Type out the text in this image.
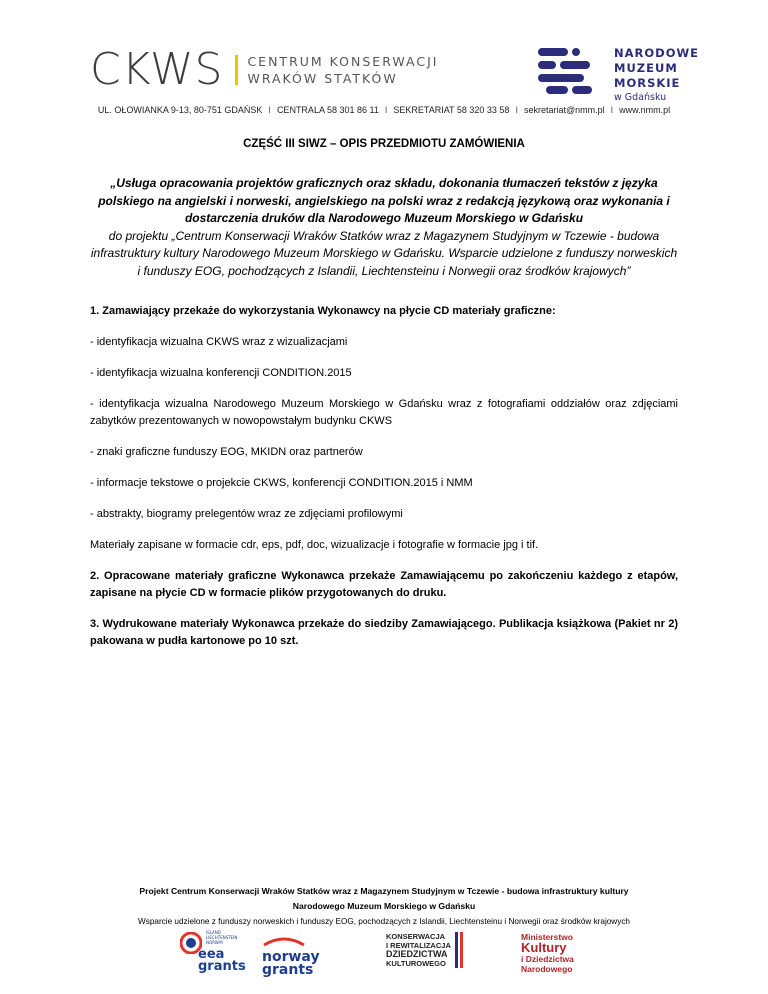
CKWS CENTRUM KONSERWACJI
WRAKÓW STATKÓW
NARODOWE
MUZEUM
MORSKIE
w Gdańsku
UL. OŁOWIANKA 9-13, 80-751 GDAŃSK I CENTRALA 58 301 86 11 I SEKRETARIAT 58 320 33 58 I sekretariat@nmm.pl I www.nmm.pl

CZĘŚĆ III SIWZ – OPIS PRZEDMIOTU ZAMÓWIENIA

„Usługa opracowania projektów graficznych oraz składu, dokonania tłumaczeń tekstów z języka polskiego na angielski i norweski, angielskiego na polski wraz z redakcją językową oraz wykonania i dostarczenia druków dla Narodowego Muzeum Morskiego w Gdańsku
do projektu „Centrum Konserwacji Wraków Statków wraz z Magazynem Studyjnym w Tczewie - budowa infrastruktury kultury Narodowego Muzeum Morskiego w Gdańsku. Wsparcie udzielone z funduszy norweskich i funduszy EOG, pochodzących z Islandii, Liechtensteinu i Norwegii oraz środków krajowych”

1. Zamawiający przekaże do wykorzystania Wykonawcy na płycie CD materiały graficzne:

- identyfikacja wizualna CKWS wraz z wizualizacjami

- identyfikacja wizualna konferencji CONDITION.2015

- identyfikacja wizualna Narodowego Muzeum Morskiego w Gdańsku wraz z fotografiami oddziałów oraz zdjęciami zabytków prezentowanych w nowopowstałym budynku CKWS

- znaki graficzne funduszy EOG, MKIDN oraz partnerów

- informacje tekstowe o projekcie CKWS, konferencji CONDITION.2015 i NMM

- abstrakty, biogramy prelegentów wraz ze zdjęciami profilowymi

Materiały zapisane w formacie cdr, eps, pdf, doc, wizualizacje i fotografie w formacie jpg i tif.

2. Opracowane materiały graficzne Wykonawca przekaże Zamawiającemu po zakończeniu każdego z etapów, zapisane na płycie CD w formacie plików przygotowanych do druku.

3. Wydrukowane materiały Wykonawca przekaże do siedziby Zamawiającego. Publikacja książkowa (Pakiet nr 2) pakowana w pudła kartonowe po 10 szt.

Projekt Centrum Konserwacji Wraków Statków wraz z Magazynem Studyjnym w Tczewie - budowa infrastruktury kultury
Narodowego Muzeum Morskiego w Gdańsku
Wsparcie udzielone z funduszy norweskich i funduszy EOG, pochodzących z Islandii, Liechtensteinu i Norwegii oraz środków krajowych
ISLAND LIECHTENSTEIN NORWAY
eea
grants
norway
grants
KONSERWACJA
I REWITALIZACJA
DZIEDZICTWA
KULTUROWEGO
Ministerstwo
Kultury
i Dziedzictwa
Narodowego
